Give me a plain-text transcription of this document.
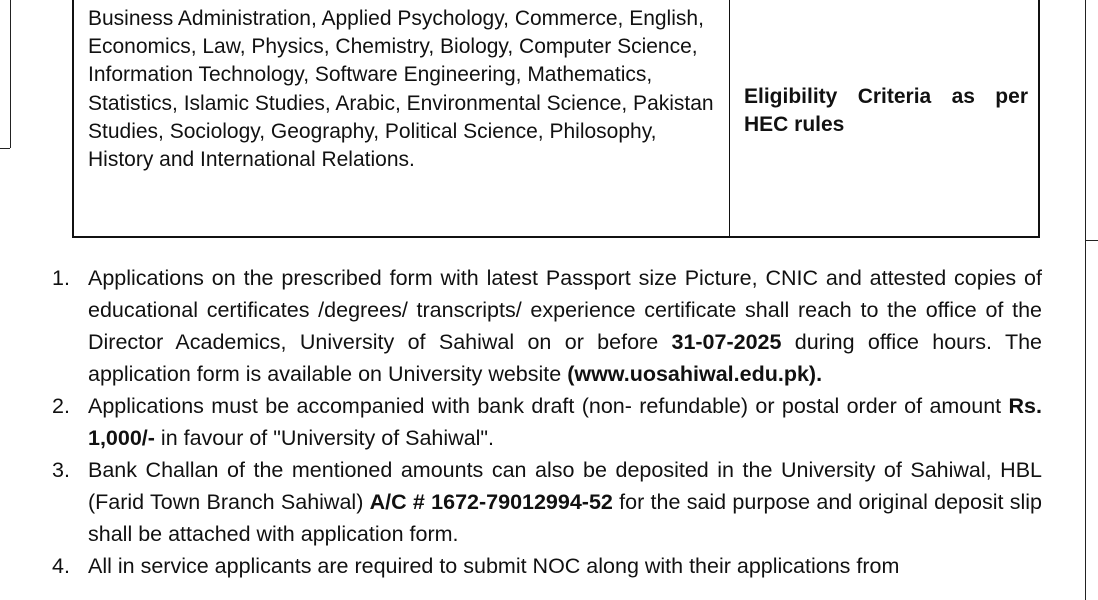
Business Administration, Applied Psychology, Commerce, English, Economics, Law, Physics, Chemistry, Biology, Computer Science, Information Technology, Software Engineering, Mathematics, Statistics, Islamic Studies, Arabic, Environmental Science, Pakistan Studies, Sociology, Geography, Political Science, Philosophy, History and International Relations.
Eligibility Criteria as per HEC rules
1. Applications on the prescribed form with latest Passport size Picture, CNIC and attested copies of educational certificates /degrees/ transcripts/ experience certificate shall reach to the office of the Director Academics, University of Sahiwal on or before 31-07-2025 during office hours. The application form is available on University website (www.uosahiwal.edu.pk).
2. Applications must be accompanied with bank draft (non- refundable) or postal order of amount Rs. 1,000/- in favour of "University of Sahiwal".
3. Bank Challan of the mentioned amounts can also be deposited in the University of Sahiwal, HBL (Farid Town Branch Sahiwal) A/C # 1672-79012994-52 for the said purpose and original deposit slip shall be attached with application form.
4. All in service applicants are required to submit NOC along with their applications from
